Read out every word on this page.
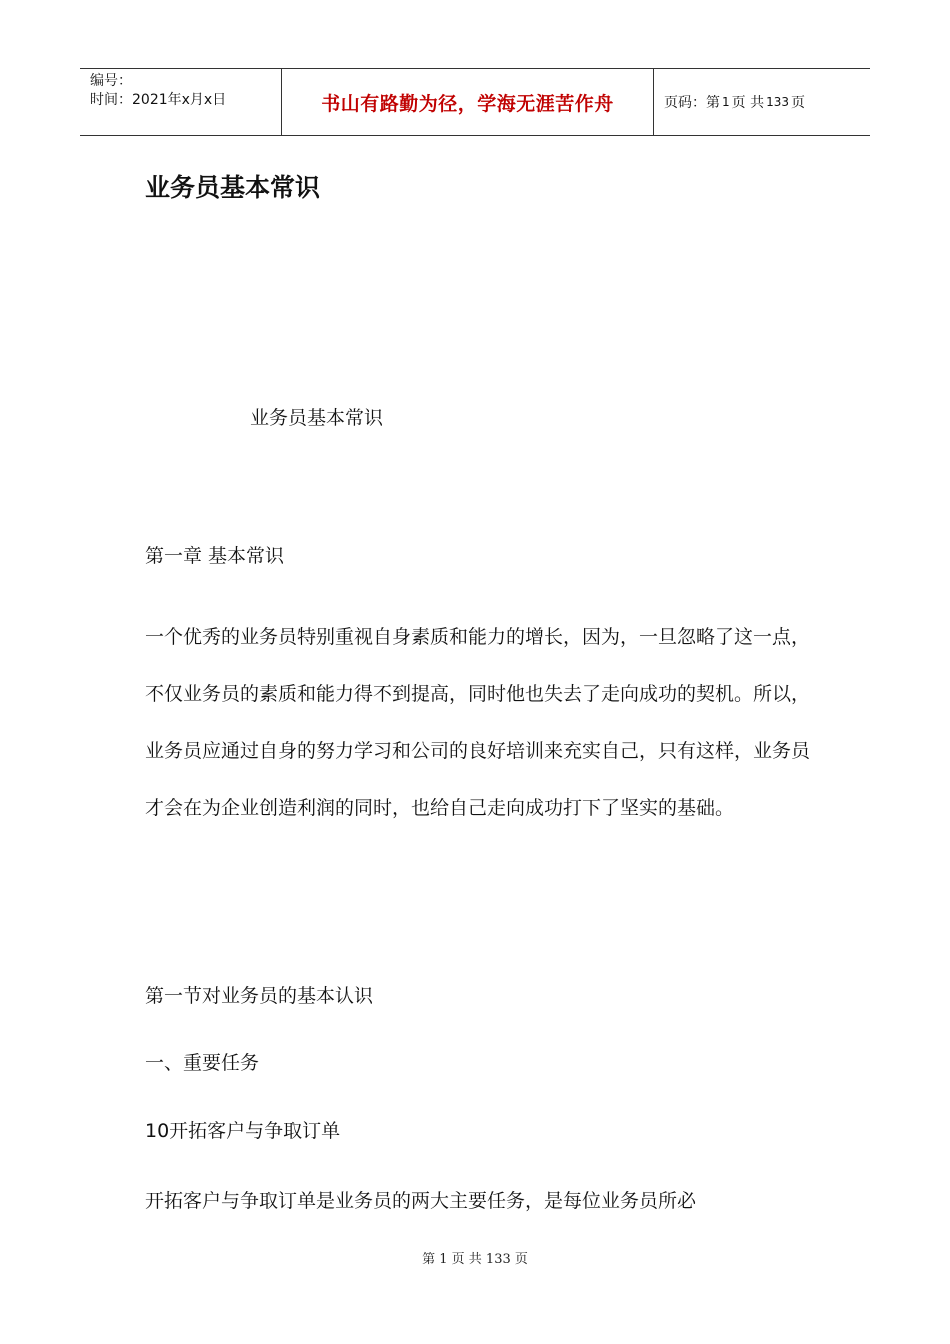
编号：
时间：2021年x月x日	书山有路勤为径，学海无涯苦作舟	页码：第 1 页 共 133 页
业务员基本常识
业务员基本常识
第一章 基本常识
一个优秀的业务员特别重视自身素质和能力的增长，因为，一旦忽略了这一点，不仅业务员的素质和能力得不到提高，同时他也失去了走向成功的契机。所以，业务员应通过自身的努力学习和公司的良好培训来充实自己，只有这样，业务员才会在为企业创造利润的同时，也给自己走向成功打下了坚实的基础。
第一节对业务员的基本认识
一、重要任务
10开拓客户与争取订单
开拓客户与争取订单是业务员的两大主要任务，是每位业务员所必
第 1 页 共 133 页
